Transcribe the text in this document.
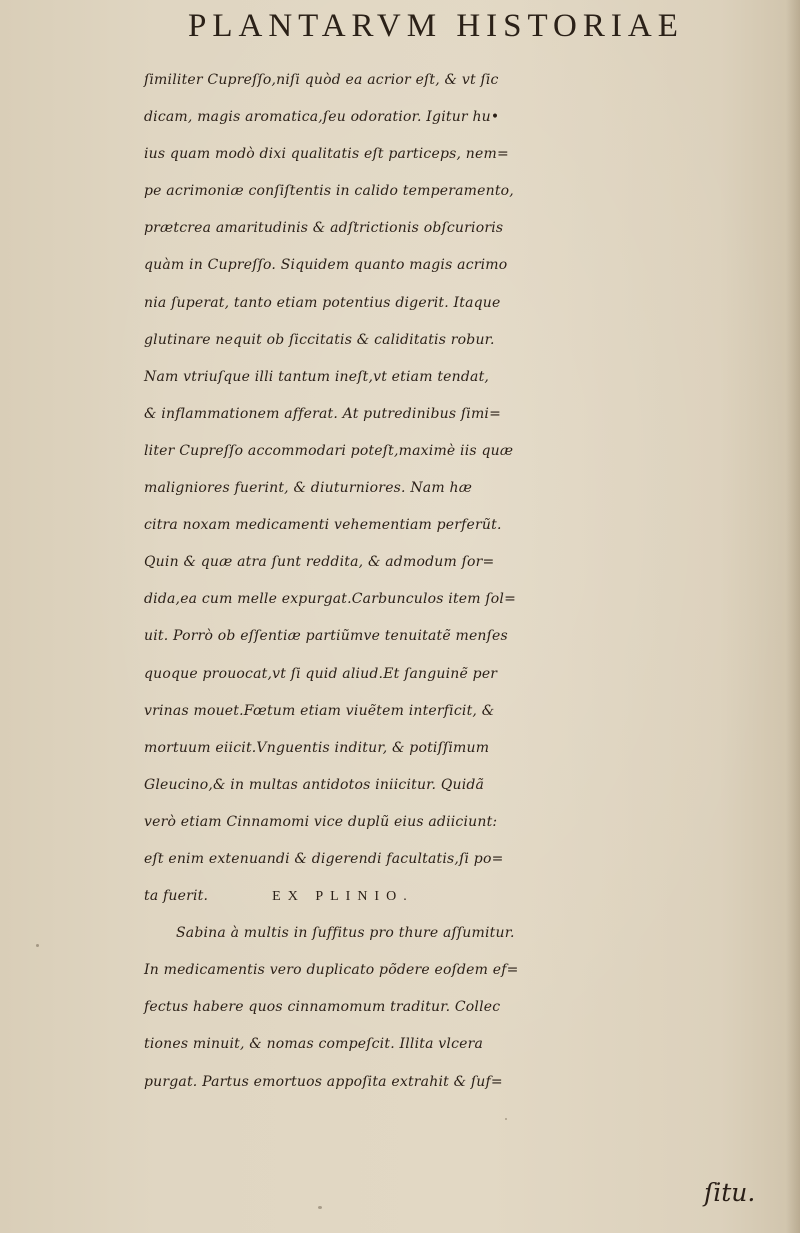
PLANTARVM HISTORIAE
ſimiliter Cupreſſo,niſi quòd ea acrior eſt, & vt ſic
dicam, magis aromatica,ſeu odoratior. Igitur hu•
ius quam modò dixi qualitatis eſt particeps, nem=
pe acrimoniæ conſiſtentis in calido temperamento,
prætcrea amaritudinis & adſtrictionis obſcurioris
quàm in Cupreſſo. Siquidem quanto magis acrimo
nia ſuperat, tanto etiam potentius digerit. Itaque
glutinare nequit ob ſiccitatis & caliditatis robur.
Nam vtriuſque illi tantum ineſt,vt etiam tendat,
& inflammationem afferat. At putredinibus ſimi=
liter Cupreſſo accommodari poteſt,maximè iis quæ
maligniores fuerint, & diuturniores. Nam hæ
citra noxam medicamenti vehementiam perferũt.
Quin & quæ atra ſunt reddita, & admodum ſor=
dida,ea cum melle expurgat.Carbunculos item ſol=
uit. Porrò ob eſſentiæ partiũmve tenuitatẽ menſes
quoque prouocat,vt ſi quid aliud.Et ſanguinẽ per
vrinas mouet.Fœtum etiam viuẽtem interficit, &
mortuum eiicit.Vnguentis inditur, & potiſſimum
Gleucino,& in multas antidotos iniicitur. Quidã
verò etiam Cinnamomi vice duplũ eius adiiciunt:
eſt enim extenuandi & digerendi facultatis,ſi po=
ta fuerit.	EX PLINIO.
Sabina à multis in ſuffitus pro thure aſſumitur.
In medicamentis vero duplicato põdere eoſdem ef=
fectus habere quos cinnamomum traditur. Collec
tiones minuit, & nomas compeſcit. Illita vlcera
purgat. Partus emortuos appoſita extrahit & ſuf=
ſitu.
